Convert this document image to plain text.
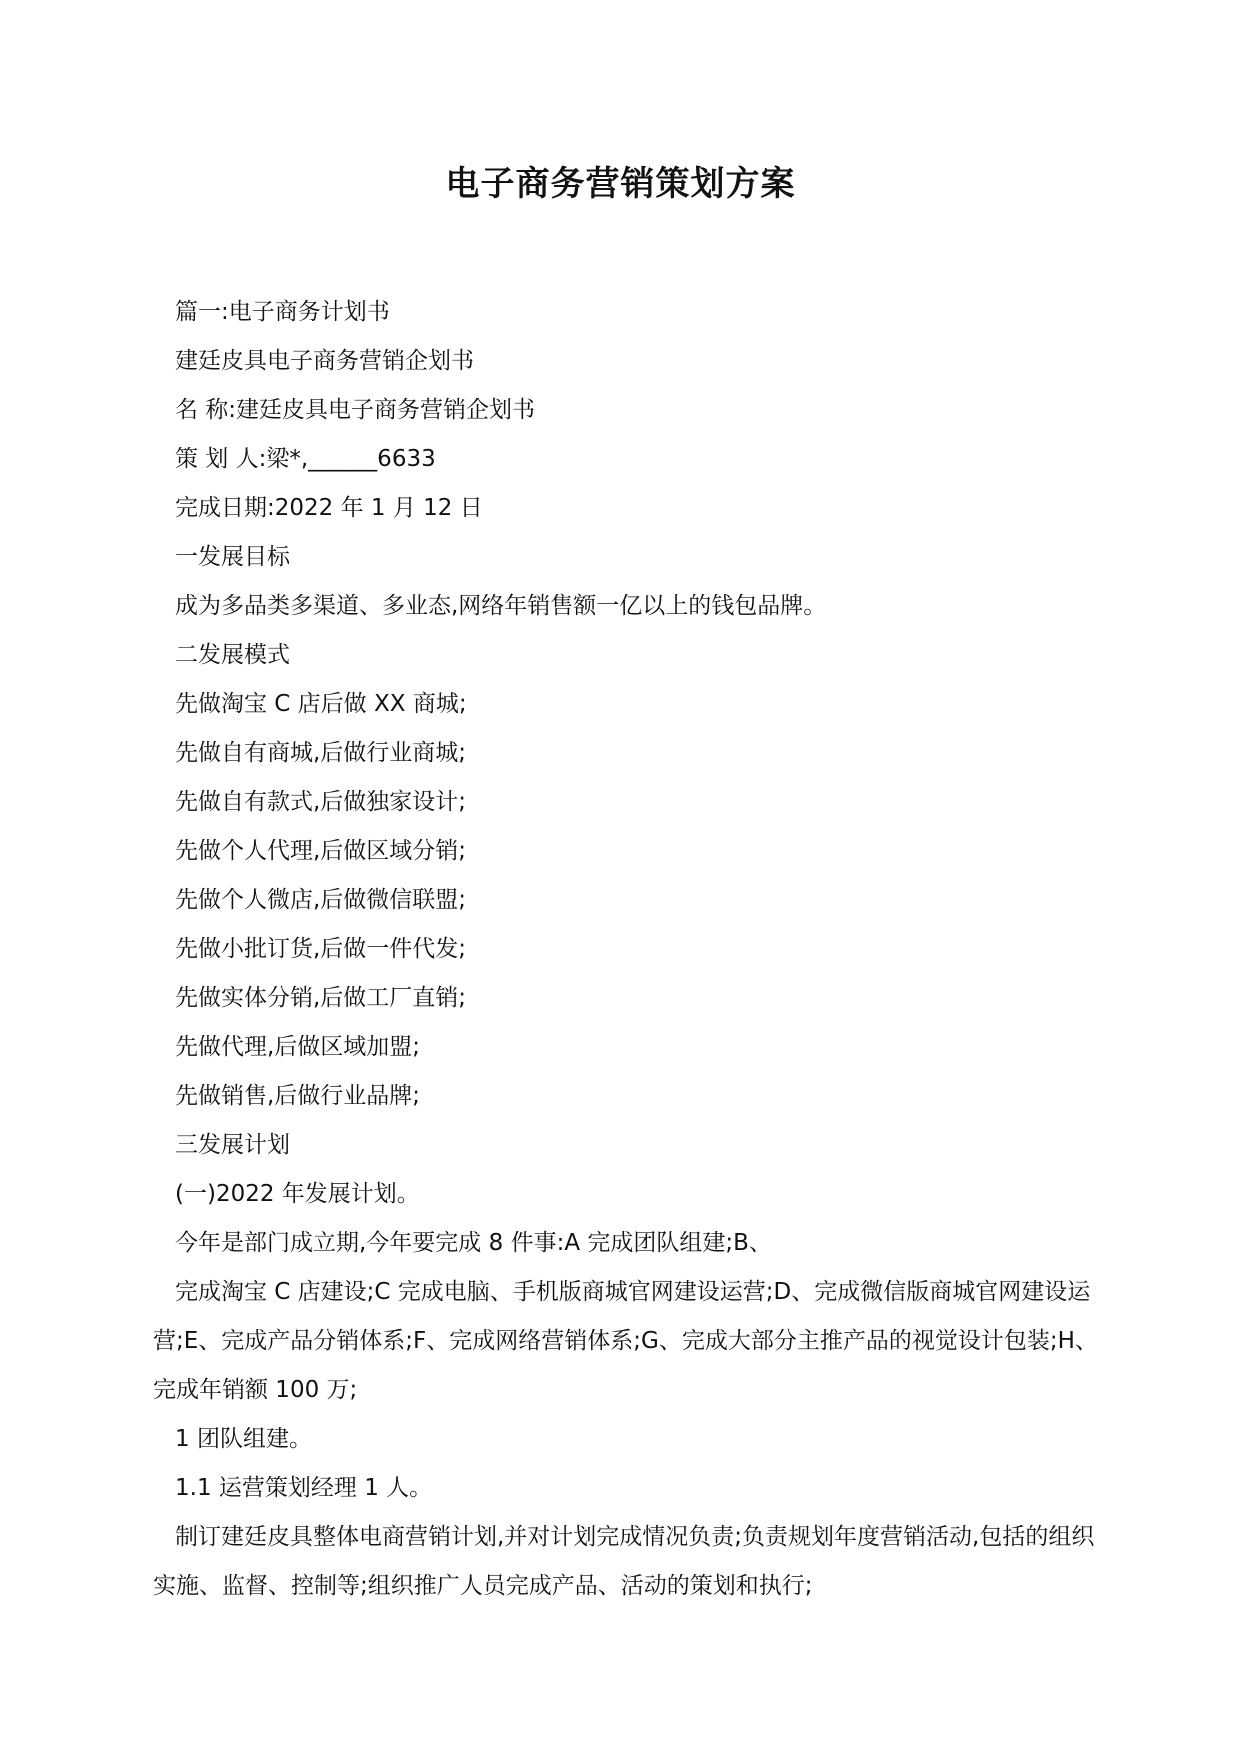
电子商务营销策划方案
篇一:电子商务计划书
建廷皮具电子商务营销企划书
名 称:建廷皮具电子商务营销企划书
策 划 人:梁*,______6633
完成日期:2022 年 1 月 12 日
一发展目标
成为多品类多渠道、多业态,网络年销售额一亿以上的钱包品牌。
二发展模式
先做淘宝 C 店后做 XX 商城;
先做自有商城,后做行业商城;
先做自有款式,后做独家设计;
先做个人代理,后做区域分销;
先做个人微店,后做微信联盟;
先做小批订货,后做一件代发;
先做实体分销,后做工厂直销;
先做代理,后做区域加盟;
先做销售,后做行业品牌;
三发展计划
(一)2022 年发展计划。
今年是部门成立期,今年要完成 8 件事:A 完成团队组建;B、
完成淘宝 C 店建设;C 完成电脑、手机版商城官网建设运营;D、完成微信版商城官网建设运营;E、完成产品分销体系;F、完成网络营销体系;G、完成大部分主推产品的视觉设计包装;H、完成年销额 100 万;
1 团队组建。
1.1 运营策划经理 1 人。
制订建廷皮具整体电商营销计划,并对计划完成情况负责;负责规划年度营销活动,包括的组织实施、监督、控制等;组织推广人员完成产品、活动的策划和执行;
